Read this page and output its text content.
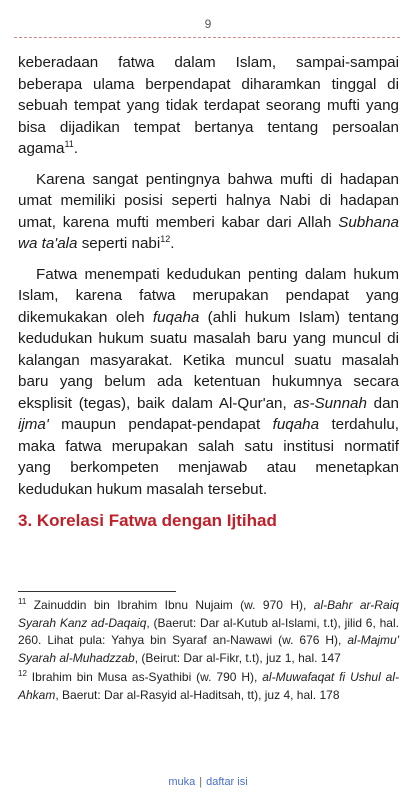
9

keberadaan fatwa dalam Islam, sampai-sampai beberapa ulama berpendapat diharamkan tinggal di sebuah tempat yang tidak terdapat seorang mufti yang bisa dijadikan tempat bertanya tentang persoalan agama$^{11}$.

Karena sangat pentingnya bahwa mufti di hadapan umat memiliki posisi seperti halnya Nabi di hadapan umat, karena mufti memberi kabar dari Allah Subhana wa ta'ala seperti nabi$^{12}$.

Fatwa menempati kedudukan penting dalam hukum Islam, karena fatwa merupakan pendapat yang dikemukakan oleh fuqaha (ahli hukum Islam) tentang kedudukan hukum suatu masalah baru yang muncul di kalangan masyarakat. Ketika muncul suatu masalah baru yang belum ada ketentuan hukumnya secara eksplisit (tegas), baik dalam Al-Qur'an, as-Sunnah dan ijma' maupun pendapat-pendapat fuqaha terdahulu, maka fatwa merupakan salah satu institusi normatif yang berkompeten menjawab atau menetapkan kedudukan hukum masalah tersebut.

3. Korelasi Fatwa dengan Ijtihad

$^{11}$ Zainuddin bin Ibrahim Ibnu Nujaim (w. 970 H), al-Bahr ar-Raiq Syarah Kanz ad-Daqaiq, (Baerut: Dar al-Kutub al-Islami, t.t), jilid 6, hal. 260. Lihat pula: Yahya bin Syaraf an-Nawawi (w. 676 H), al-Majmu' Syarah al-Muhadzzab, (Beirut: Dar al-Fikr, t.t), juz 1, hal. 147

$^{12}$ Ibrahim bin Musa as-Syathibi (w. 790 H), al-Muwafaqat fi Ushul al-Ahkam, Baerut: Dar al-Rasyid al-Haditsah, tt), juz 4, hal. 178

muka | daftar isi
